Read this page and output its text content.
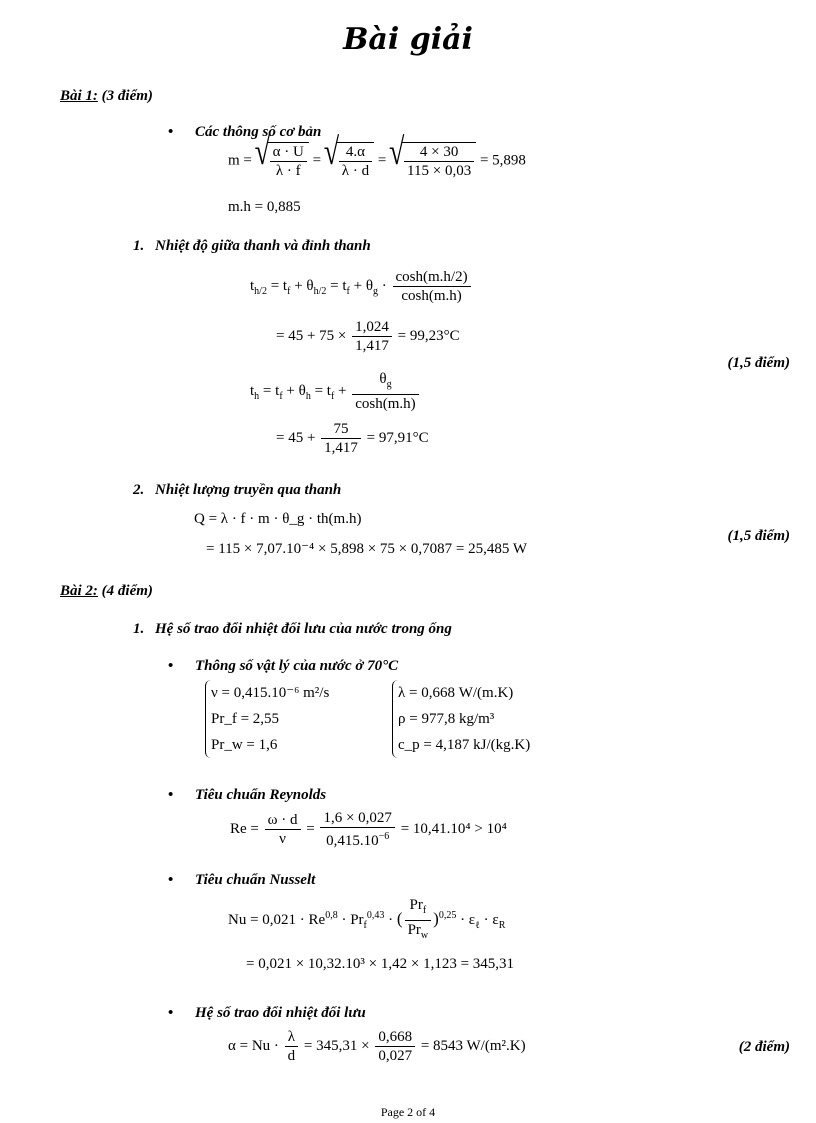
Bài giải
Bài 1: (3 điểm)
• Các thông số cơ bản
m = √ $\frac{\alpha \cdot U}{\lambda \cdot f}$ = √ $\frac{4.\alpha}{\lambda \cdot d}$ = √ $\frac{4 \times 30}{115 \times 0,03} = 5,898$
m.h = 0,885
1. Nhiệt độ giữa thanh và đỉnh thanh
$t_{h/2} = t_f + \theta_{h/2} = t_f + \theta_g \cdot \frac{\cosh(m.h/2)}{\cosh(m.h)}$
= $45 + 75 \times \frac{1,024}{1,417} = 99,23^\circ C$
$t_h = t_f + \theta_h = t_f + \frac{\theta_g}{\cosh(m.h)}$
= $45 + \frac{75}{1,417} = 97,91^\circ C$
(1,5 điểm)
2. Nhiệt lượng truyền qua thanh
Q = λ · f · m · θ_g · th(m.h)
= 115 × 7,07.10⁻⁴ × 5,898 × 75 × 0,7087 = 25,485 W
(1,5 điểm)
Bài 2: (4 điểm)
1. Hệ số trao đổi nhiệt đối lưu của nước trong ống
• Thông số vật lý của nước ở 70°C
ν = 0,415.10⁻⁶ m²/s
Pr_f = 2,55
Pr_w = 1,6
λ = 0,668 W/(m.K)
ρ = 977,8 kg/m³
c_p = 4,187 kJ/(kg.K)
• Tiêu chuẩn Reynolds
$Re = \frac{\omega \cdot d}{\nu} = \frac{1,6 \times 0,027}{0,415.10^{-6}} = 10,41.10^4 > 10^4$
• Tiêu chuẩn Nusselt
$Nu = 0,021 \cdot Re^{0,8} \cdot Pr_f^{0,43}$ · ( $\frac{Pr_f}{Pr_w} )^{0,25} \cdot \varepsilon_\ell \cdot \varepsilon_R$
= 0,021 × 10,32.10³ × 1,42 × 1,123 = 345,31
• Hệ số trao đổi nhiệt đối lưu
$\alpha = Nu \cdot \frac{\lambda}{d} = 345,31 \times \frac{0,668}{0,027} = 8543$ W/(m².K)	(2 điểm)
Page 2 of 4
